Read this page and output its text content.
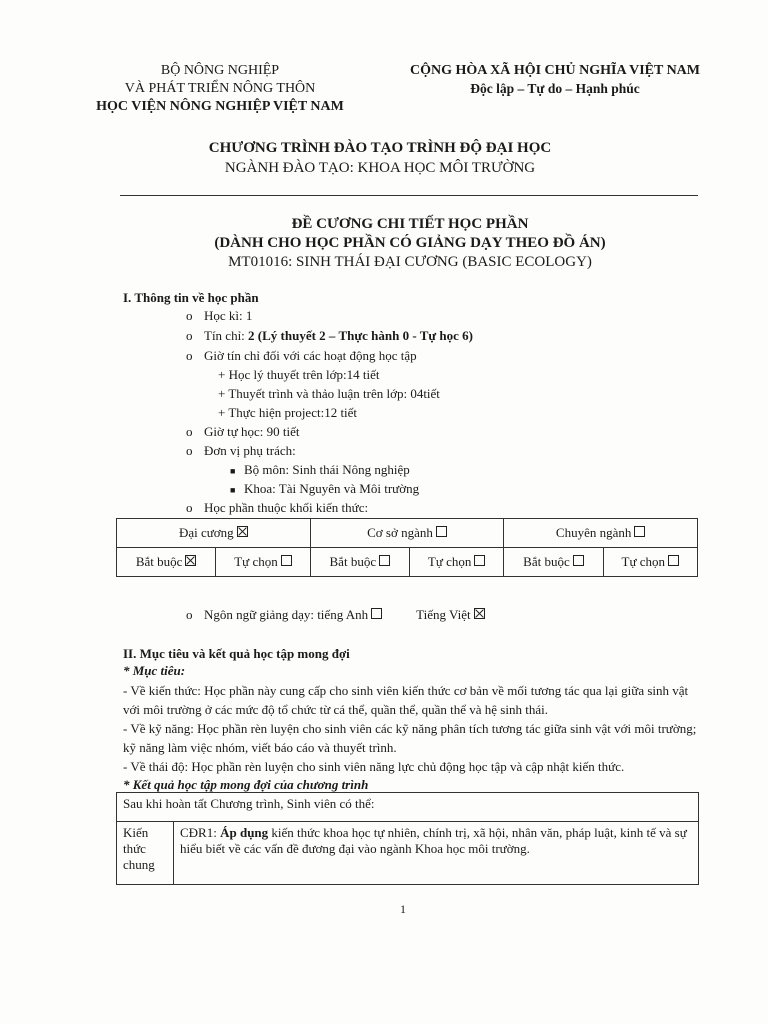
BỘ NÔNG NGHIỆP
VÀ PHÁT TRIỂN NÔNG THÔN
HỌC VIỆN NÔNG NGHIỆP VIỆT NAM
CỘNG HÒA XÃ HỘI CHỦ NGHĨA VIỆT NAM
Độc lập – Tự do – Hạnh phúc
CHƯƠNG TRÌNH ĐÀO TẠO TRÌNH ĐỘ ĐẠI HỌC
NGÀNH ĐÀO TẠO: KHOA HỌC MÔI TRƯỜNG
ĐỀ CƯƠNG CHI TIẾT HỌC PHẦN
(DÀNH CHO HỌC PHẦN CÓ GIẢNG DẠY THEO ĐỒ ÁN)
MT01016: SINH THÁI ĐẠI CƯƠNG (BASIC ECOLOGY)
I. Thông tin về học phần
o Học kì: 1
o Tín chỉ: 2 (Lý thuyết 2 – Thực hành 0 - Tự học 6)
o Giờ tín chỉ đối với các hoạt động học tập
+ Học lý thuyết trên lớp:14 tiết
+ Thuyết trình và thảo luận trên lớp: 04tiết
+ Thực hiện project:12 tiết
o Giờ tự học: 90 tiết
o Đơn vị phụ trách:
■ Bộ môn: Sinh thái Nông nghiệp
■ Khoa: Tài Nguyên và Môi trường
o Học phần thuộc khối kiến thức:
Đại cương		Cơ sở ngành		Chuyên ngành	
Bắt buộc	Tự chọn	Bắt buộc	Tự chọn	Bắt buộc	Tự chọn
o Ngôn ngữ giảng dạy: tiếng Anh	Tiếng Việt
II. Mục tiêu và kết quả học tập mong đợi
* Mục tiêu:
- Về kiến thức: Học phần này cung cấp cho sinh viên kiến thức cơ bản về mối tương tác qua lại giữa sinh vật với môi trường ở các mức độ tổ chức từ cá thể, quần thể, quần thể và hệ sinh thái.
- Về kỹ năng: Học phần rèn luyện cho sinh viên các kỹ năng phân tích tương tác giữa sinh vật với môi trường; kỹ năng làm việc nhóm, viết báo cáo và thuyết trình.
- Về thái độ: Học phần rèn luyện cho sinh viên năng lực chủ động học tập và cập nhật kiến thức.
* Kết quả học tập mong đợi của chương trình
Sau khi hoàn tất Chương trình, Sinh viên có thể:
Kiến thức chung	CĐR1: Áp dụng kiến thức khoa học tự nhiên, chính trị, xã hội, nhân văn, pháp luật, kinh tế và sự hiểu biết về các vấn đề đương đại vào ngành Khoa học môi trường.
1
